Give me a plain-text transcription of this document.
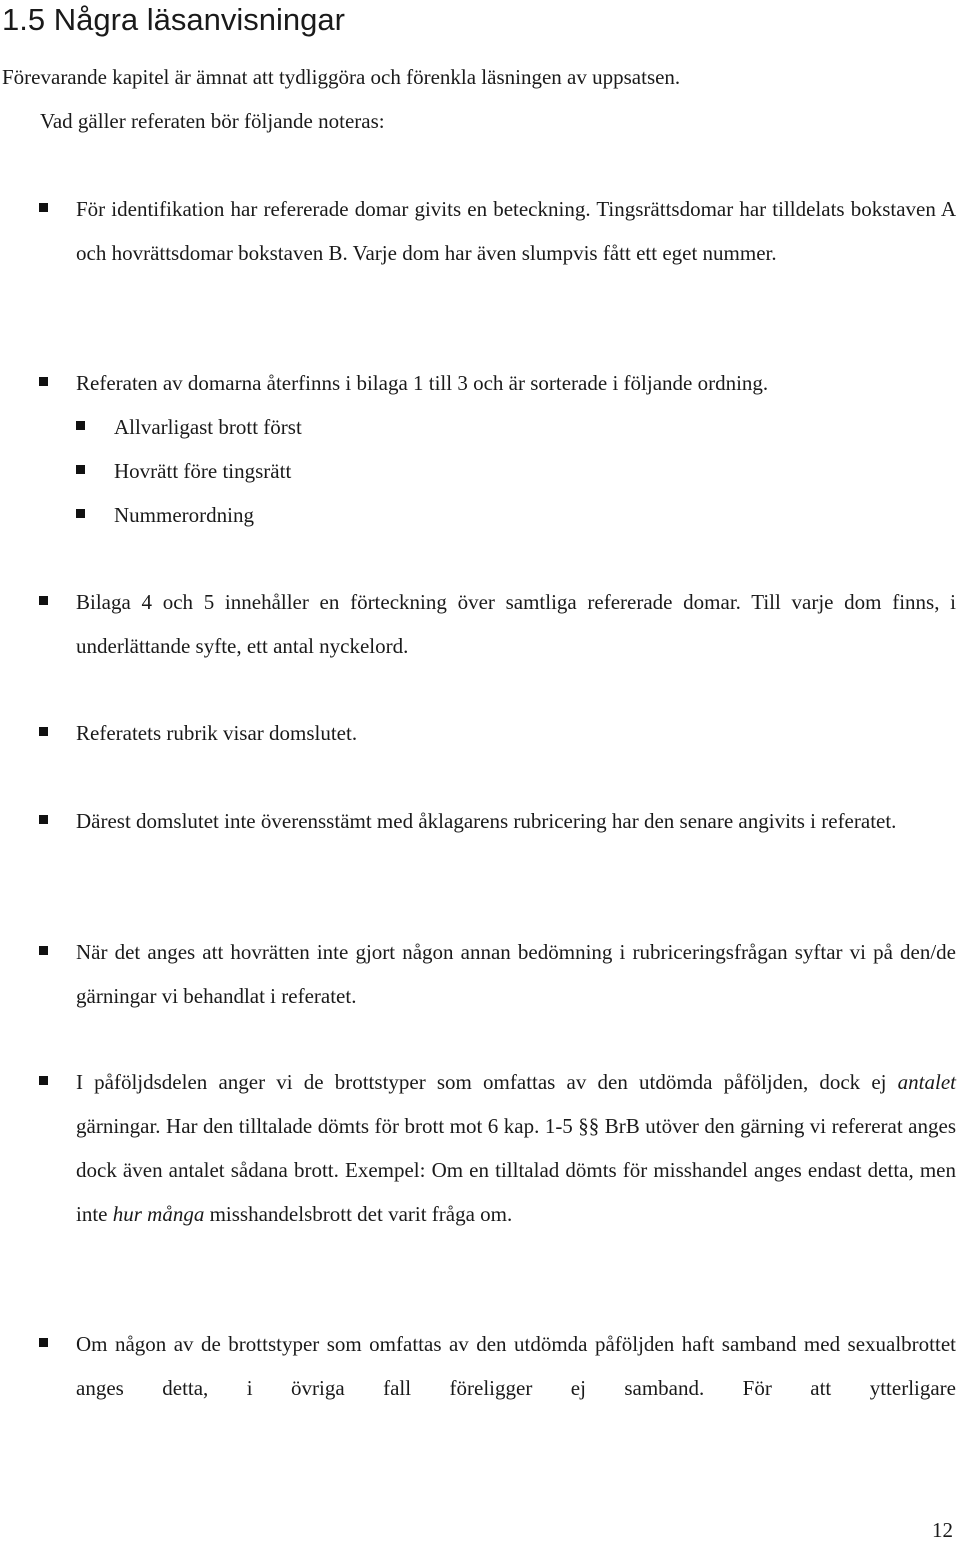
1.5 Några läsanvisningar

Förevarande kapitel är ämnat att tydliggöra och förenkla läsningen av uppsatsen.

Vad gäller referaten bör följande noteras:

För identifikation har refererade domar givits en beteckning. Tingsrättsdomar har tilldelats bokstaven A och hovrättsdomar bokstaven B. Varje dom har även slumpvis fått ett eget nummer.

Referaten av domarna återfinns i bilaga 1 till 3 och är sorterade i följande ordning.

Allvarligast brott först

Hovrätt före tingsrätt

Nummerordning

Bilaga 4 och 5 innehåller en förteckning över samtliga refererade domar. Till varje dom finns, i underlättande syfte, ett antal nyckelord.

Referatets rubrik visar domslutet.

Därest domslutet inte överensstämt med åklagarens rubricering har den senare angivits i referatet.

När det anges att hovrätten inte gjort någon annan bedömning i rubriceringsfrågan syftar vi på den/de gärningar vi behandlat i referatet.

I påföljdsdelen anger vi de brottstyper som omfattas av den utdömda påföljden, dock ej antalet gärningar. Har den tilltalade dömts för brott mot 6 kap. 1-5 §§ BrB utöver den gärning vi refererat anges dock även antalet sådana brott. Exempel: Om en tilltalad dömts för misshandel anges endast detta, men inte hur många misshandelsbrott det varit fråga om.

Om någon av de brottstyper som omfattas av den utdömda påföljden haft samband med sexualbrottet anges detta, i övriga fall föreligger ej samband. För att ytterligare

12
